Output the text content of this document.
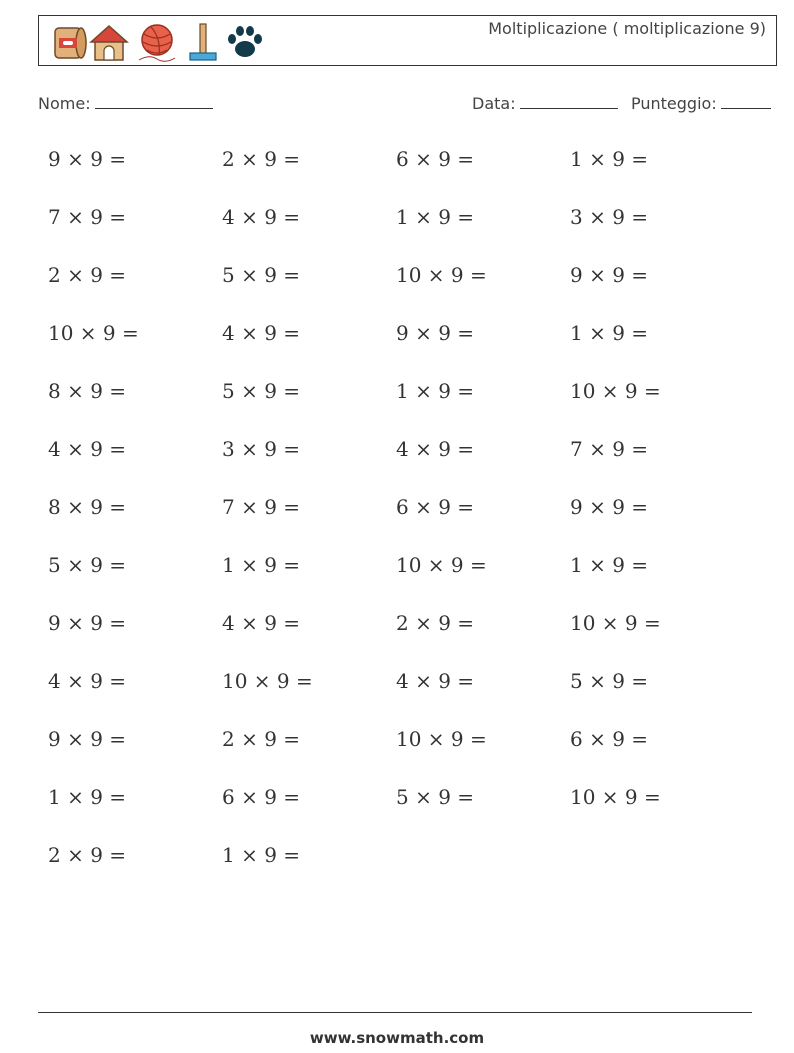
Moltiplicazione ( moltiplicazione 9)
Nome:	Data:	Punteggio:
9 × 9 =	2 × 9 =	6 × 9 =	1 × 9 =
7 × 9 =	4 × 9 =	1 × 9 =	3 × 9 =
2 × 9 =	5 × 9 =	10 × 9 =	9 × 9 =
10 × 9 =	4 × 9 =	9 × 9 =	1 × 9 =
8 × 9 =	5 × 9 =	1 × 9 =	10 × 9 =
4 × 9 =	3 × 9 =	4 × 9 =	7 × 9 =
8 × 9 =	7 × 9 =	6 × 9 =	9 × 9 =
5 × 9 =	1 × 9 =	10 × 9 =	1 × 9 =
9 × 9 =	4 × 9 =	2 × 9 =	10 × 9 =
4 × 9 =	10 × 9 =	4 × 9 =	5 × 9 =
9 × 9 =	2 × 9 =	10 × 9 =	6 × 9 =
1 × 9 =	6 × 9 =	5 × 9 =	10 × 9 =
2 × 9 =	1 × 9 =
www.snowmath.com
